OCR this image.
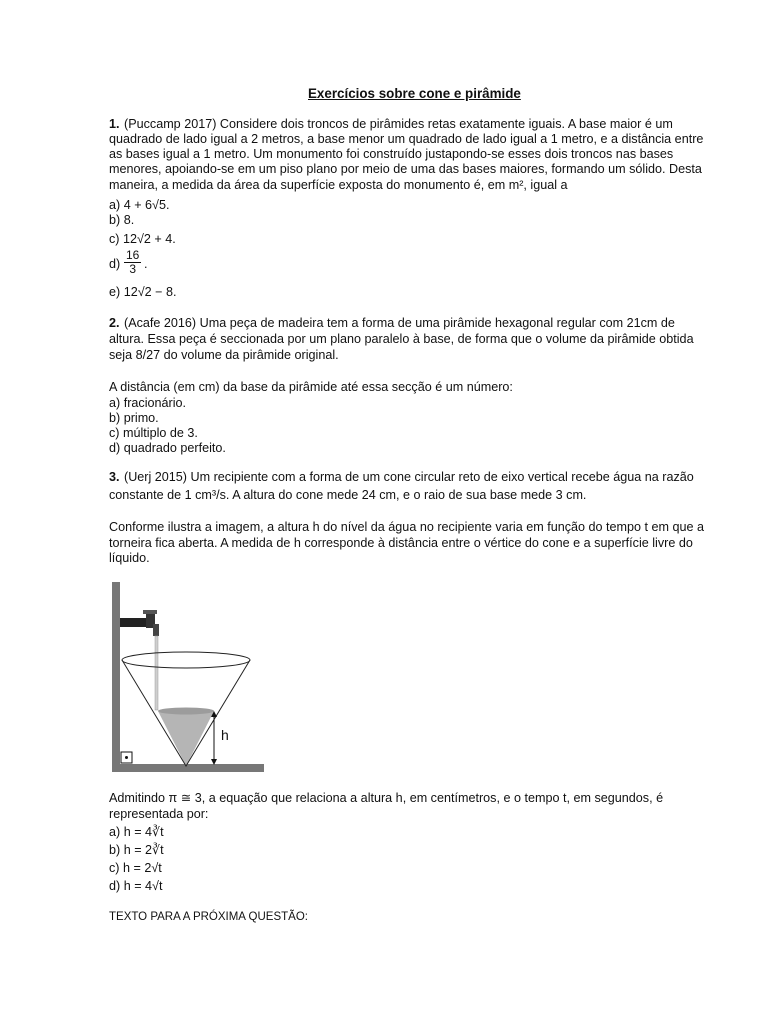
Exercícios sobre cone e pirâmide
1. (Puccamp 2017) Considere dois troncos de pirâmides retas exatamente iguais. A base maior é um
quadrado de lado igual a 2 metros, a base menor um quadrado de lado igual a 1 metro, e a distância entre
as bases igual a 1 metro. Um monumento foi construído justapondo-se esses dois troncos nas bases
menores, apoiando-se em um piso plano por meio de uma das bases maiores, formando um sólido. Desta
maneira, a medida da área da superfície exposta do monumento é, em m², igual a
a) 4 + 6√5.
b) 8.
c) 12√2 + 4.
$d) \frac{16}{3}$ .
e) 12√2 − 8.
2. (Acafe 2016) Uma peça de madeira tem a forma de uma pirâmide hexagonal regular com 21cm de
altura. Essa peça é seccionada por um plano paralelo à base, de forma que o volume da pirâmide obtida
seja 8/27 do volume da pirâmide original.
A distância (em cm) da base da pirâmide até essa secção é um número:
a) fracionário.
b) primo.
c) múltiplo de 3.
d) quadrado perfeito.
3. (Uerj 2015) Um recipiente com a forma de um cone circular reto de eixo vertical recebe água na razão
constante de 1 cm³/s. A altura do cone mede 24 cm, e o raio de sua base mede 3 cm.
Conforme ilustra a imagem, a altura h do nível da água no recipiente varia em função do tempo t em que a
torneira fica aberta. A medida de h corresponde à distância entre o vértice do cone e a superfície livre do
líquido.
h
Admitindo π ≅ 3, a equação que relaciona a altura h, em centímetros, e o tempo t, em segundos, é
representada por:
a) h = 4∛t
b) h = 2∛t
c) h = 2√t
d) h = 4√t
TEXTO PARA A PRÓXIMA QUESTÃO:
